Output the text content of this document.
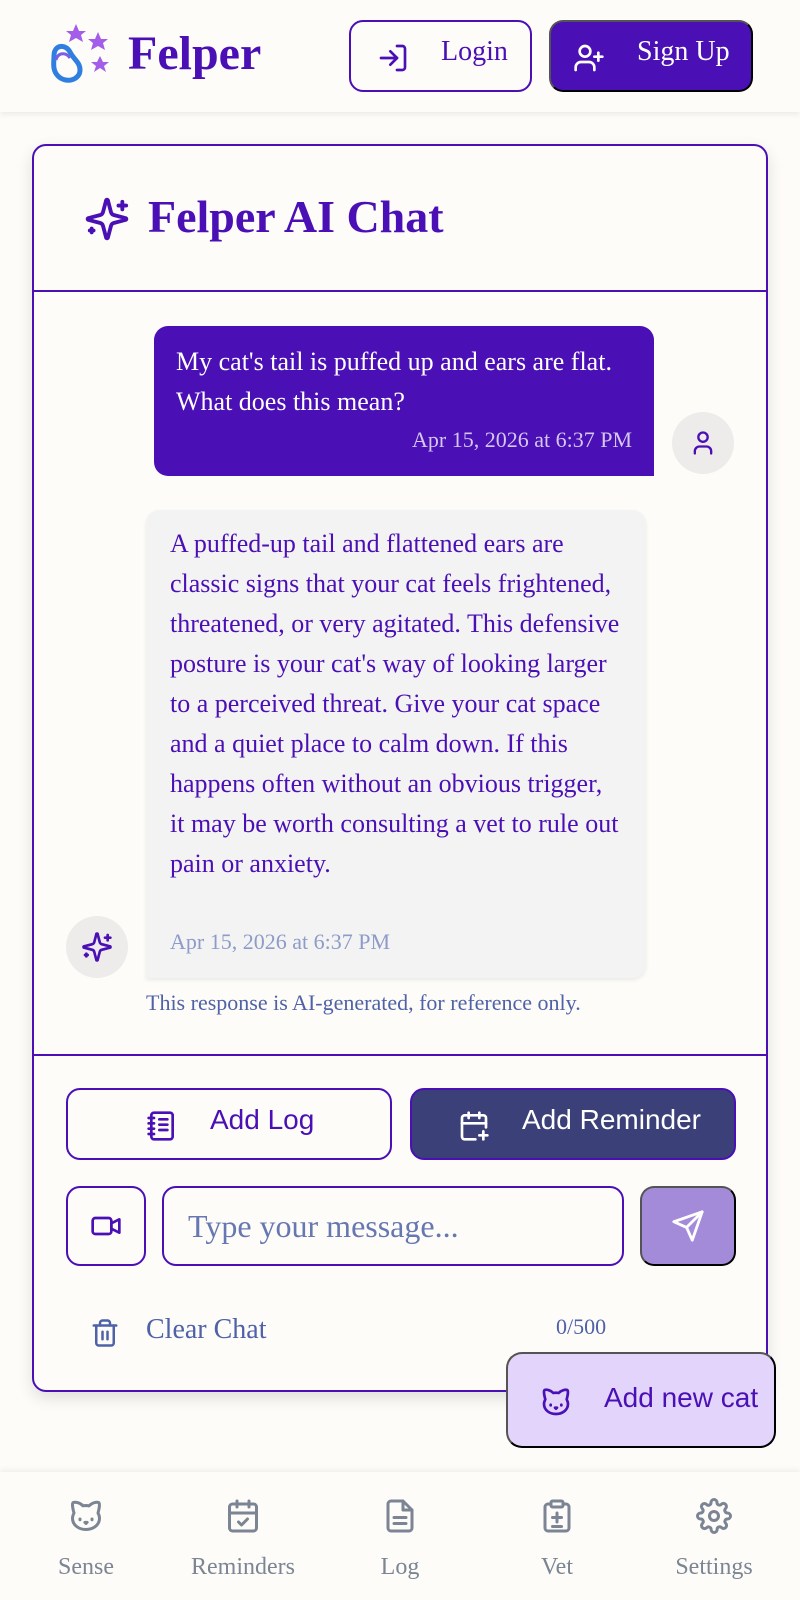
Felper	Login	Sign Up
Felper AI Chat
My cat's tail is puffed up and ears are flat. What does this mean?
Apr 15, 2026 at 6:37 PM
A puffed-up tail and flattened ears are classic signs that your cat feels frightened, threatened, or very agitated. This defensive posture is your cat's way of looking larger to a perceived threat. Give your cat space and a quiet place to calm down. If this happens often without an obvious trigger, it may be worth consulting a vet to rule out pain or anxiety.
Apr 15, 2026 at 6:37 PM
This response is AI-generated, for reference only.
Add Log	Add Reminder
Type your message...
Clear Chat	0/500
Add new cat
Sense	Reminders	Log	Vet	Settings
